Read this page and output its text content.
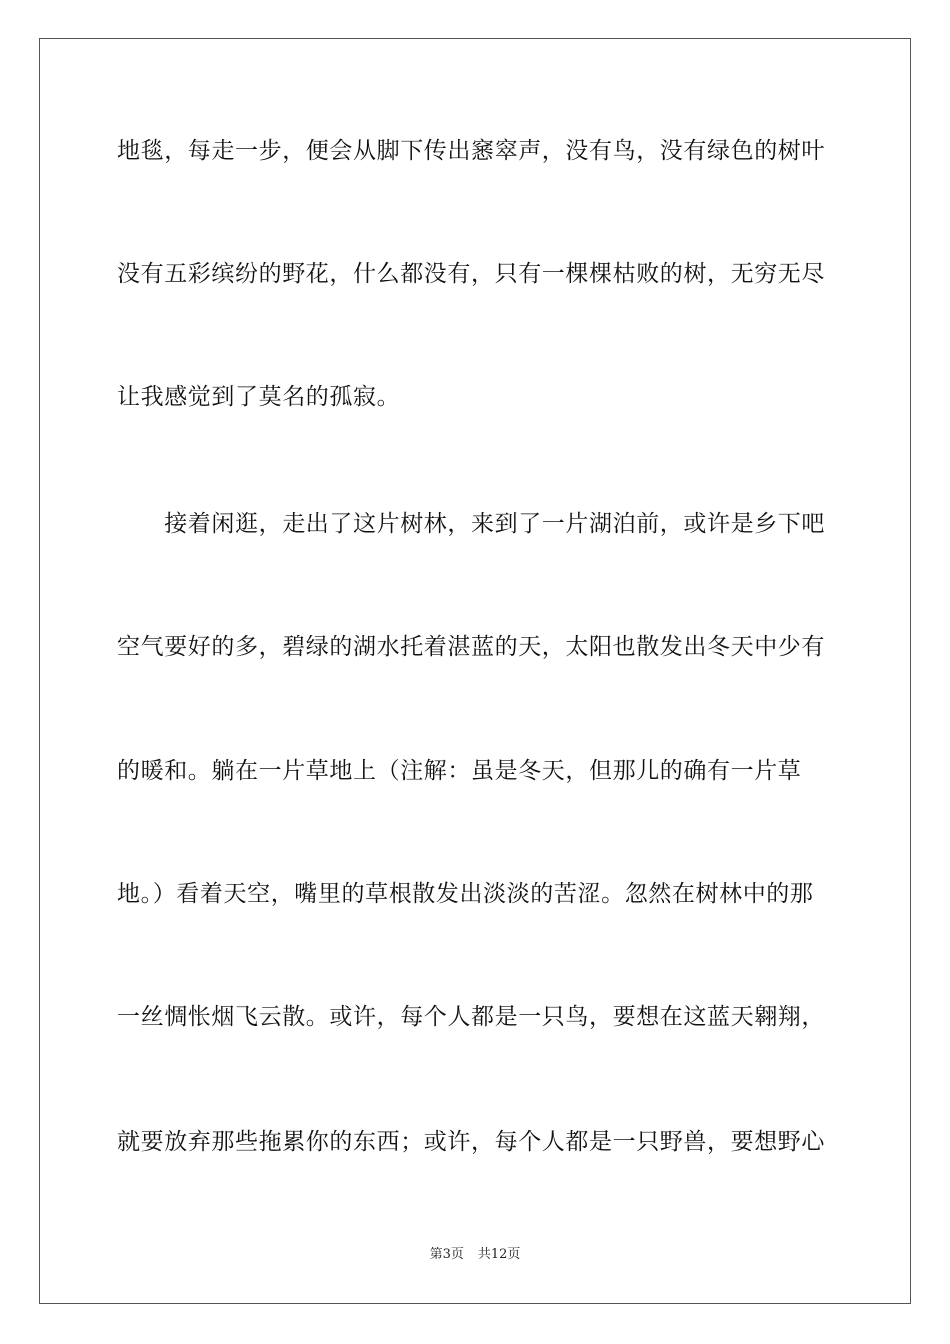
地毯，每走一步，便会从脚下传出窸窣声，没有鸟，没有绿色的树叶
没有五彩缤纷的野花，什么都没有，只有一棵棵枯败的树，无穷无尽
让我感觉到了莫名的孤寂。
　　接着闲逛，走出了这片树林，来到了一片湖泊前，或许是乡下吧
空气要好的多，碧绿的湖水托着湛蓝的天，太阳也散发出冬天中少有
的暖和。躺在一片草地上（注解：虽是冬天，但那儿的确有一片草
地。）看着天空，嘴里的草根散发出淡淡的苦涩。忽然在树林中的那
一丝惆怅烟飞云散。或许，每个人都是一只鸟，要想在这蓝天翱翔，
就要放弃那些拖累你的东西；或许，每个人都是一只野兽，要想野心
第3页 共12页
